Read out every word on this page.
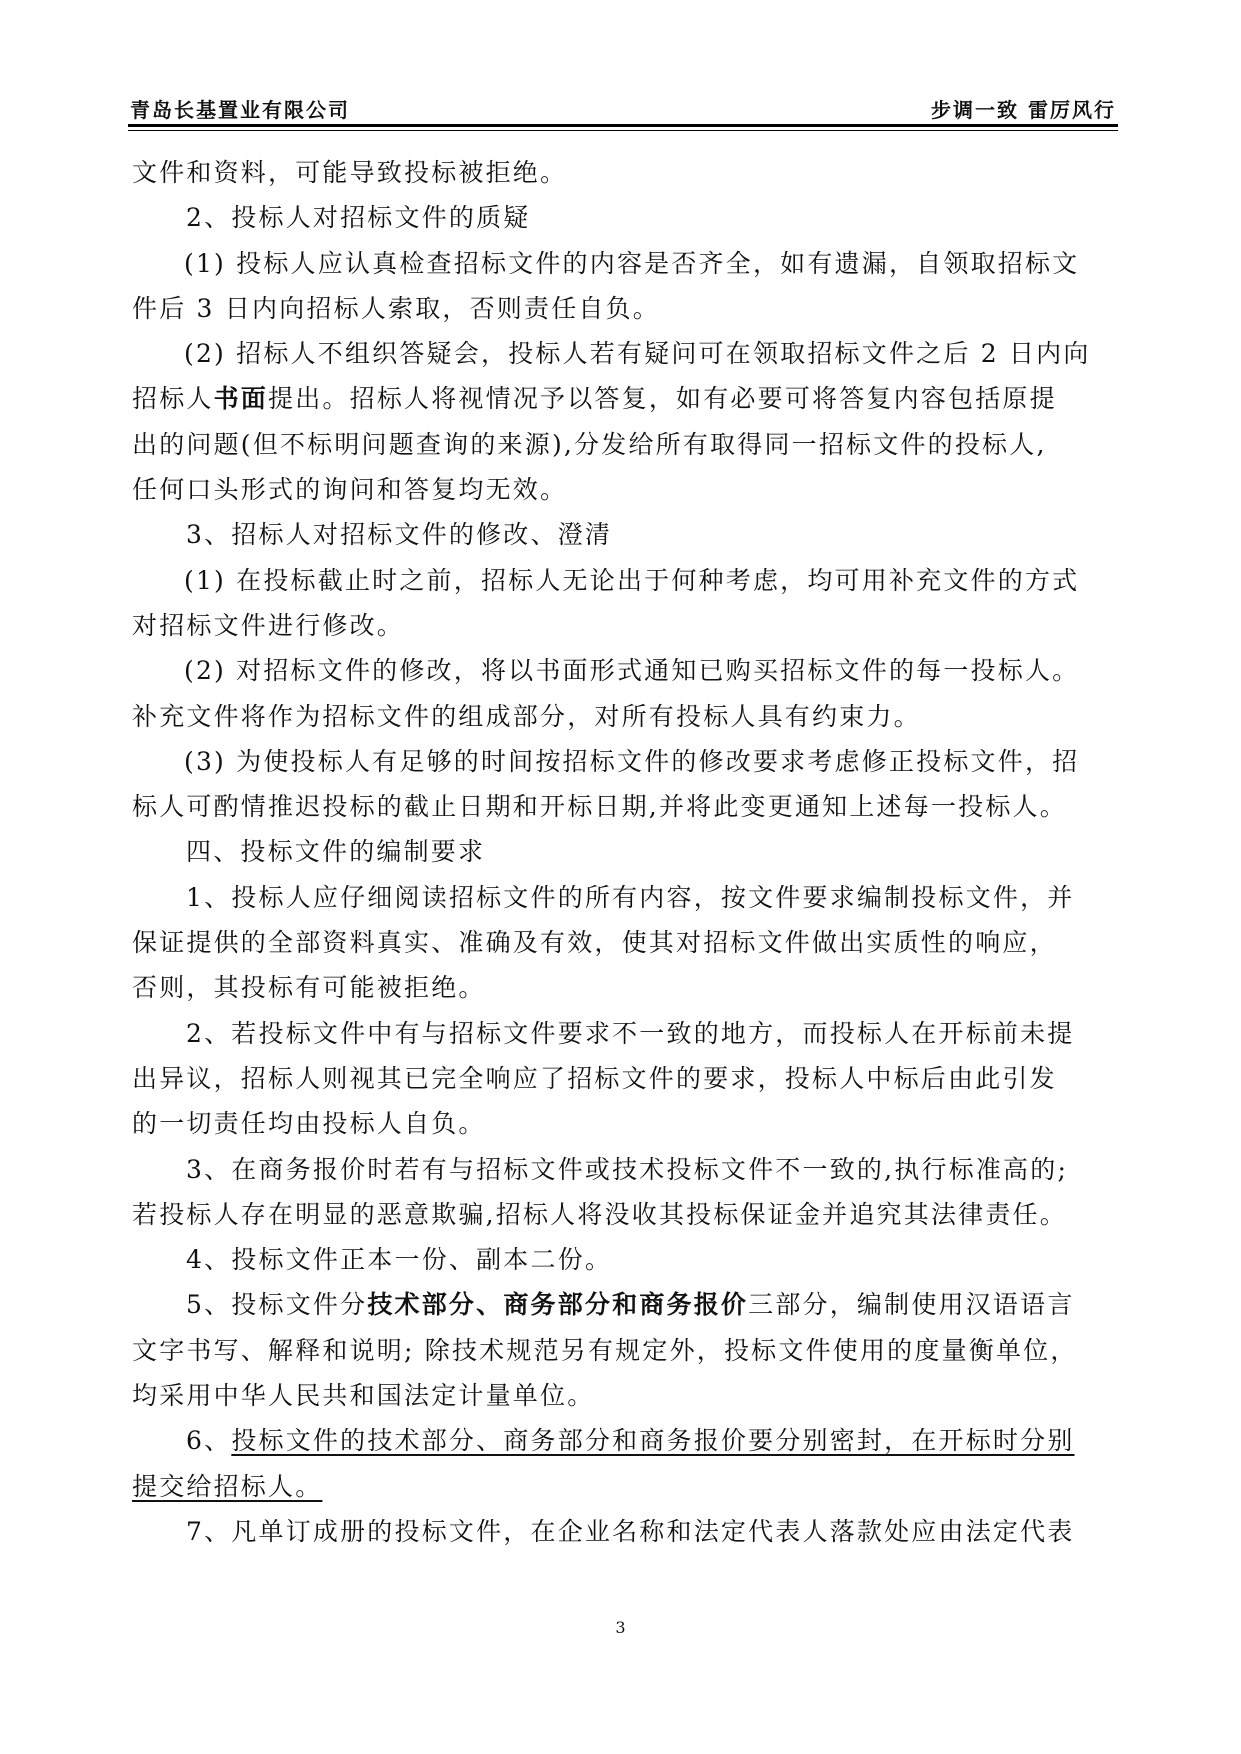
青岛长基置业有限公司	步调一致 雷厉风行
文件和资料，可能导致投标被拒绝。
2、投标人对招标文件的质疑
(1) 投标人应认真检查招标文件的内容是否齐全，如有遗漏，自领取招标文
件后 3 日内向招标人索取，否则责任自负。
(2) 招标人不组织答疑会，投标人若有疑问可在领取招标文件之后 2 日内向
招标人书面提出。招标人将视情况予以答复，如有必要可将答复内容包括原提
出的问题(但不标明问题查询的来源),分发给所有取得同一招标文件的投标人,
任何口头形式的询问和答复均无效。
3、招标人对招标文件的修改、澄清
(1) 在投标截止时之前，招标人无论出于何种考虑，均可用补充文件的方式
对招标文件进行修改。
(2) 对招标文件的修改，将以书面形式通知已购买招标文件的每一投标人。
补充文件将作为招标文件的组成部分，对所有投标人具有约束力。
(3) 为使投标人有足够的时间按招标文件的修改要求考虑修正投标文件，招
标人可酌情推迟投标的截止日期和开标日期,并将此变更通知上述每一投标人。
四、投标文件的编制要求
1、投标人应仔细阅读招标文件的所有内容，按文件要求编制投标文件，并
保证提供的全部资料真实、准确及有效，使其对招标文件做出实质性的响应，
否则，其投标有可能被拒绝。
2、若投标文件中有与招标文件要求不一致的地方，而投标人在开标前未提
出异议，招标人则视其已完全响应了招标文件的要求，投标人中标后由此引发
的一切责任均由投标人自负。
3、在商务报价时若有与招标文件或技术投标文件不一致的,执行标准高的;
若投标人存在明显的恶意欺骗,招标人将没收其投标保证金并追究其法律责任。
4、投标文件正本一份、副本二份。
5、投标文件分技术部分、商务部分和商务报价三部分，编制使用汉语语言
文字书写、解释和说明; 除技术规范另有规定外，投标文件使用的度量衡单位，
均采用中华人民共和国法定计量单位。
6、投标文件的技术部分、商务部分和商务报价要分别密封，在开标时分别
提交给招标人。
7、凡单订成册的投标文件，在企业名称和法定代表人落款处应由法定代表
3
